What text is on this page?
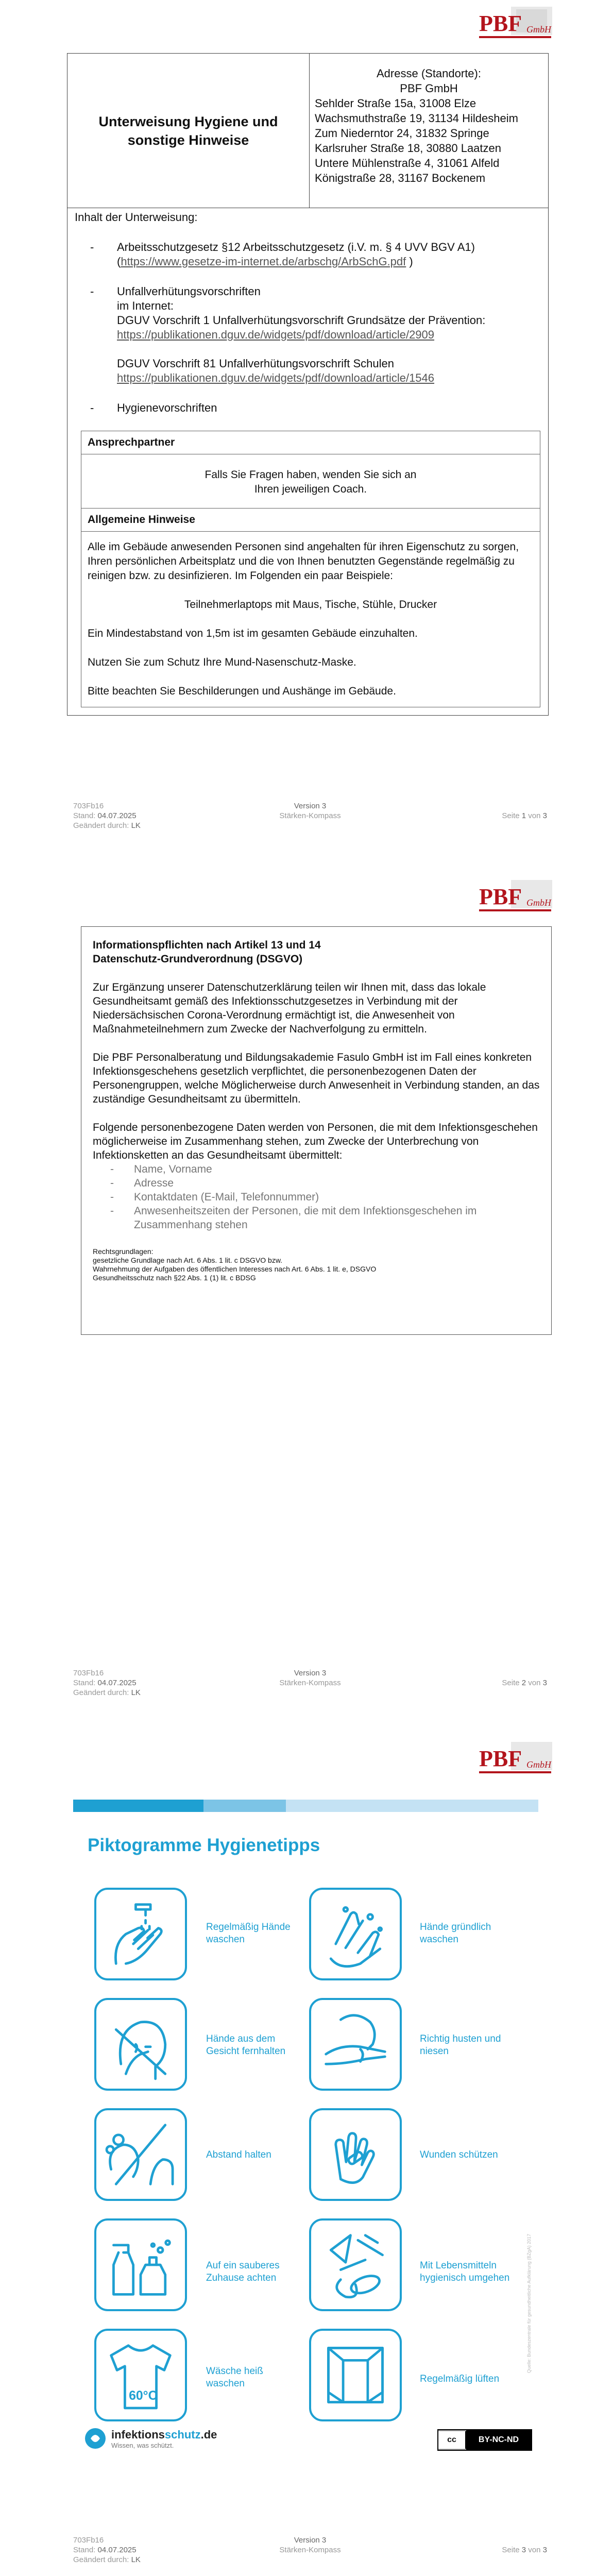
PBF GmbH
Unterweisung Hygiene und sonstige Hinweise
Adresse (Standorte):
PBF GmbH
Sehlder Straße 15a, 31008 Elze
Wachsmuthstraße 19, 31134 Hildesheim
Zum Niederntor 24, 31832 Springe
Karlsruher Straße 18, 30880 Laatzen
Untere Mühlenstraße 4, 31061 Alfeld
Königstraße 28, 31167 Bockenem

Inhalt der Unterweisung:

- Arbeitsschutzgesetz §12 Arbeitsschutzgesetz (i.V. m. § 4 UVV BGV A1)
(https://www.gesetze-im-internet.de/arbschg/ArbSchG.pdf )
- Unfallverhütungsvorschriften
im Internet:
DGUV Vorschrift 1 Unfallverhütungsvorschrift Grundsätze der Prävention:
https://publikationen.dguv.de/widgets/pdf/download/article/2909
DGUV Vorschrift 81 Unfallverhütungsvorschrift Schulen
https://publikationen.dguv.de/widgets/pdf/download/article/1546
- Hygienevorschriften
Ansprechpartner
Falls Sie Fragen haben, wenden Sie sich an
Ihren jeweiligen Coach.
Allgemeine Hinweise

Alle im Gebäude anwesenden Personen sind angehalten für ihren Eigenschutz zu sorgen, Ihren persönlichen Arbeitsplatz und die von Ihnen benutzten Gegenstände regelmäßig zu reinigen bzw. zu desinfizieren. Im Folgenden ein paar Beispiele:

Teilnehmerlaptops mit Maus, Tische, Stühle, Drucker

Ein Mindestabstand von 1,5m ist im gesamten Gebäude einzuhalten.

Nutzen Sie zum Schutz Ihre Mund-Nasenschutz-Maske.

Bitte beachten Sie Beschilderungen und Aushänge im Gebäude.

703Fb16
Stand: 04.07.2025
Geändert durch: LK
Version 3
Stärken-Kompass	Seite 1 von 3
PBF GmbH
Informationspflichten nach Artikel 13 und 14
Datenschutz-Grundverordnung (DSGVO)

Zur Ergänzung unserer Datenschutzerklärung teilen wir Ihnen mit, dass das lokale Gesundheitsamt gemäß des Infektionsschutzgesetzes in Verbindung mit der Niedersächsischen Corona-Verordnung ermächtigt ist, die Anwesenheit von Maßnahmeteilnehmern zum Zwecke der Nachverfolgung zu ermitteln.

Die PBF Personalberatung und Bildungsakademie Fasulo GmbH ist im Fall eines konkreten Infektionsgeschehens gesetzlich verpflichtet, die personenbezogenen Daten der Personengruppen, welche Möglicherweise durch Anwesenheit in Verbindung standen, an das zuständige Gesundheitsamt zu übermitteln.

Folgende personenbezogene Daten werden von Personen, die mit dem Infektionsgeschehen möglicherweise im Zusammenhang stehen, zum Zwecke der Unterbrechung von Infektionsketten an das Gesundheitsamt übermittelt:

- Name, Vorname
- Adresse
- Kontaktdaten (E-Mail, Telefonnummer)
- Anwesenheitszeiten der Personen, die mit dem Infektionsgeschehen im Zusammenhang stehen
Rechtsgrundlagen:
gesetzliche Grundlage nach Art. 6 Abs. 1 lit. c DSGVO bzw.
Wahrnehmung der Aufgaben des öffentlichen Interesses nach Art. 6 Abs. 1 lit. e, DSGVO
Gesundheitsschutz nach §22 Abs. 1 (1) lit. c BDSG
703Fb16
Stand: 04.07.2025
Geändert durch: LK
Version 3
Stärken-Kompass	Seite 2 von 3
PBF GmbH
Piktogramme Hygienetipps
Regelmäßig Hände
waschen
Hände gründlich
waschen
Hände aus dem
Gesicht fernhalten
Richtig husten und
niesen
Abstand halten	Wunden schützen
Auf ein sauberes
Zuhause achten
Mit Lebensmitteln
hygienisch umgehen
60°C
Wäsche heiß
waschen	Regelmäßig lüften
Quelle: Bundeszentrale für gesundheitliche Aufklärung (BZgA) 2017
infektionsschutz.de
Wissen, was schützt.
cc	BY-NC-ND
703Fb16
Stand: 04.07.2025
Geändert durch: LK
Version 3
Stärken-Kompass	Seite 3 von 3
